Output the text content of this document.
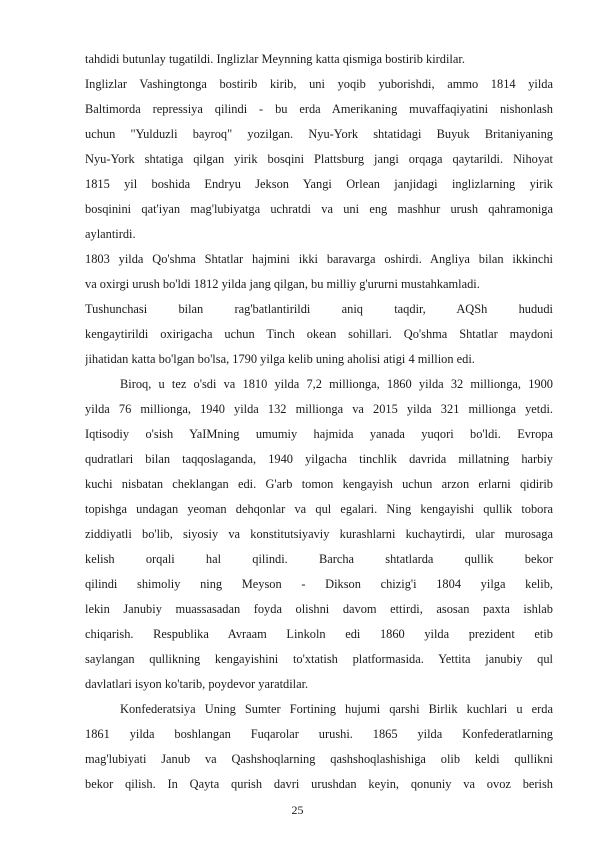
tahdidi butunlay tugatildi. Inglizlar Meynning katta qismiga bostirib kirdilar.
Inglizlar Vashingtonga bostirib kirib, uni yoqib yuborishdi, ammo 1814 yilda
Baltimorda repressiya qilindi - bu erda Amerikaning muvaffaqiyatini nishonlash
uchun "Yulduzli bayroq" yozilgan. Nyu-York shtatidagi Buyuk Britaniyaning
Nyu-York shtatiga qilgan yirik bosqini Plattsburg jangi orqaga qaytarildi. Nihoyat
1815 yil boshida Endryu Jekson Yangi Orlean janjidagi inglizlarning yirik
bosqinini qat'iyan mag'lubiyatga uchratdi va uni eng mashhur urush qahramoniga
aylantirdi.
1803 yilda Qo'shma Shtatlar hajmini ikki baravarga oshirdi. Angliya bilan ikkinchi
va oxirgi urush bo'ldi 1812 yilda jang qilgan, bu milliy g'ururni mustahkamladi.
Tushunchasi bilan rag'batlantirildi aniq taqdir, AQSh hududi
kengaytirildi oxirigacha uchun Tinch okean sohillari. Qo'shma Shtatlar maydoni
jihatidan katta bo'lgan bo'lsa, 1790 yilga kelib uning aholisi atigi 4 million edi.
Biroq, u tez o'sdi va 1810 yilda 7,2 millionga, 1860 yilda 32 millionga, 1900
yilda 76 millionga, 1940 yilda 132 millionga va 2015 yilda 321 millionga yetdi.
Iqtisodiy o'sish YaIMning umumiy hajmida yanada yuqori bo'ldi. Evropa
qudratlari bilan taqqoslaganda, 1940 yilgacha tinchlik davrida millatning harbiy
kuchi nisbatan cheklangan edi. G'arb tomon kengayish uchun arzon erlarni qidirib
topishga undagan yeoman dehqonlar va qul egalari. Ning kengayishi qullik tobora
ziddiyatli bo'lib, siyosiy va konstitutsiyaviy kurashlarni kuchaytirdi, ular murosaga
kelish orqali hal qilindi. Barcha shtatlarda qullik bekor
qilindi shimoliy ning Meyson - Dikson chizig'i 1804 yilga kelib,
lekin Janubiy muassasadan foyda olishni davom ettirdi, asosan paxta ishlab
chiqarish. Respublika Avraam Linkoln edi 1860 yilda prezident etib
saylangan qullikning kengayishini to'xtatish platformasida. Yettita janubiy qul
davlatlari isyon ko'tarib, poydevor yaratdilar.
Konfederatsiya Uning Sumter Fortining hujumi qarshi Birlik kuchlari u erda
1861 yilda boshlangan Fuqarolar urushi. 1865 yilda Konfederatlarning
mag'lubiyati Janub va Qashshoqlarning qashshoqlashishiga olib keldi qullikni
bekor qilish. In Qayta qurish davri urushdan keyin, qonuniy va ovoz berish
25
